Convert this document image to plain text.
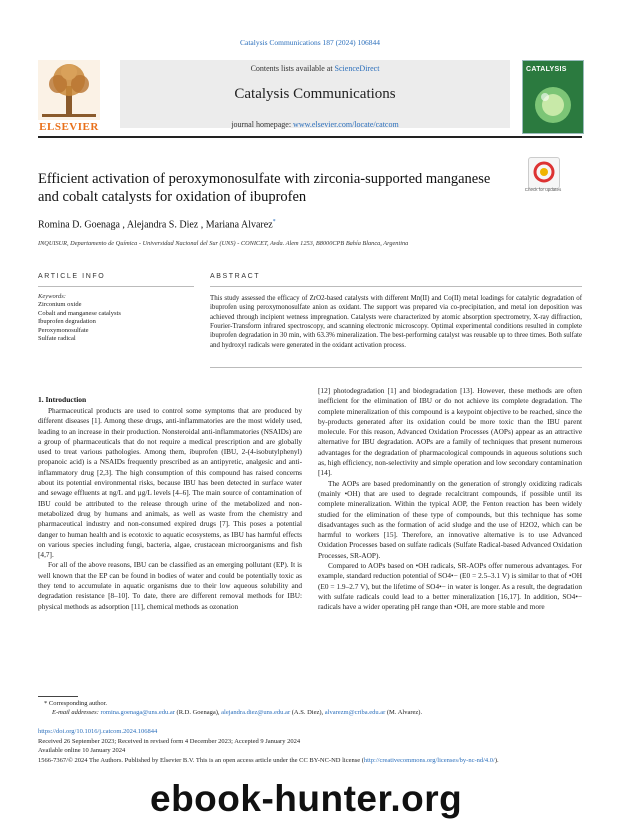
Catalysis Communications 187 (2024) 106844
ELSEVIER
Contents lists available at ScienceDirect
Catalysis Communications
journal homepage: www.elsevier.com/locate/catcom
CATALYSIS
Efficient activation of peroxymonosulfate with zirconia-supported manganese and cobalt catalysts for oxidation of ibuprofen	Check for updates
Romina D. Goenaga , Alejandra S. Diez , Mariana Alvarez*
INQUISUR, Departamento de Química - Universidad Nacional del Sur (UNS) - CONICET, Avda. Alem 1253, B8000CPB Bahía Blanca, Argentina
ARTICLE INFO	ABSTRACT
Keywords:
Zirconium oxide
Cobalt and manganese catalysts
Ibuprofen degradation
Peroxymonosulfate
Sulfate radical
This study assessed the efficacy of ZrO2-based catalysts with different Mn(II) and Co(II) metal loadings for catalytic degradation of ibuprofen using peroxymonosulfate anion as oxidant. The support was prepared via co-precipitation, and metal ion deposition was achieved through incipient wetness impregnation. Catalysts were characterized by atomic absorption spectrometry, X-ray diffraction, Fourier-Transform infrared spectroscopy, and scanning electronic microscopy. Optimal experimental conditions resulted in complete ibuprofen degradation in 30 min, with 63.3% mineralization. The best-performing catalyst was reusable up to three times. Both sulfate and hydroxyl radicals were generated in the oxidant activation process.
1. Introduction

Pharmaceutical products are used to control some symptoms that are produced by different diseases [1]. Among these drugs, anti-inflammatories are the most widely used, leading to an increase in their production. Nonsteroidal anti-inflammatories (NSAIDs) are a group of pharmaceuticals that do not require a medical prescription and are globally used to treat various pathologies. Among them, ibuprofen (IBU, 2-(4-isobutylphenyl) propanoic acid) is a NSAIDs frequently prescribed as an antipyretic, analgesic and anti-inflammatory drug [2,3]. The high consumption of this compound has raised concerns about its potential environmental risks, because IBU has been detected in surface water and sewage effluents at ng/L and µg/L levels [4–6]. The main source of contamination of IBU could be attributed to the release through urine of the metabolized and non-metabolized drug by humans and animals, as well as waste from the chemistry and pharmaceutical industry and non-consumed expired drugs [7]. This poses a potential danger to human health and is ecotoxic to aquatic ecosystems, as IBU has harmful effects on various species including fungi, bacteria, algae, crustacean microorganisms and fish [4,7].

For all of the above reasons, IBU can be classified as an emerging pollutant (EP). It is well known that the EP can be found in bodies of water and could be potentially toxic as they tend to accumulate in aquatic organisms due to their low aqueous solubility and degradation resistance [8–10]. To date, there are different removal methods for IBU: physical methods as adsorption [11], chemical methods as ozonation

[12] photodegradation [1] and biodegradation [13]. However, these methods are often inefficient for the elimination of IBU or do not achieve its complete degradation. The complete mineralization of this compound is a keypoint objective to be reached, since the by-products generated after its oxidation could be more toxic than the IBU parent molecule. For this reason, Advanced Oxidation Processes (AOPs) appear as an attractive alternative for IBU degradation. AOPs are a family of techniques that present numerous advantages for the degradation of pharmacological compounds in aqueous solutions such as, high efficiency, non-selectivity and simple operation and low secondary contamination [14].

The AOPs are based predominantly on the generation of strongly oxidizing radicals (mainly •OH) that are used to degrade recalcitrant compounds, if possible until its complete mineralization. Within the typical AOP, the Fenton reaction has been widely studied for the elimination of these type of compounds, but this technique has some disadvantages such as the formation of acid sludge and the use of H2O2, which can be harmful to workers [15]. Therefore, an innovative alternative is to use Advanced Oxidation Processes based on sulfate radicals (Sulfate Radical-based Advanced Oxidation Processes, SR-AOP).

Compared to AOPs based on •OH radicals, SR-AOPs offer numerous advantages. For example, standard reduction potential of SO4•− (E0 = 2.5–3.1 V) is similar to that of •OH (E0 = 1.9–2.7 V), but the lifetime of SO4•− in water is longer. As a result, the degradation with sulfate radicals could lead to a better mineralization [16,17]. In addition, SO4•− radicals have a wider operating pH range than •OH, are more stable and more

* Corresponding author.
E-mail addresses: romina.goenaga@uns.edu.ar (R.D. Goenaga), alejandra.diez@uns.edu.ar (A.S. Diez), alvarezm@criba.edu.ar (M. Alvarez).
https://doi.org/10.1016/j.catcom.2024.106844
Received 26 September 2023; Received in revised form 4 December 2023; Accepted 9 January 2024
Available online 10 January 2024
1566-7367/© 2024 The Authors. Published by Elsevier B.V. This is an open access article under the CC BY-NC-ND license (http://creativecommons.org/licenses/by-nc-nd/4.0/).
ebook-hunter.org
